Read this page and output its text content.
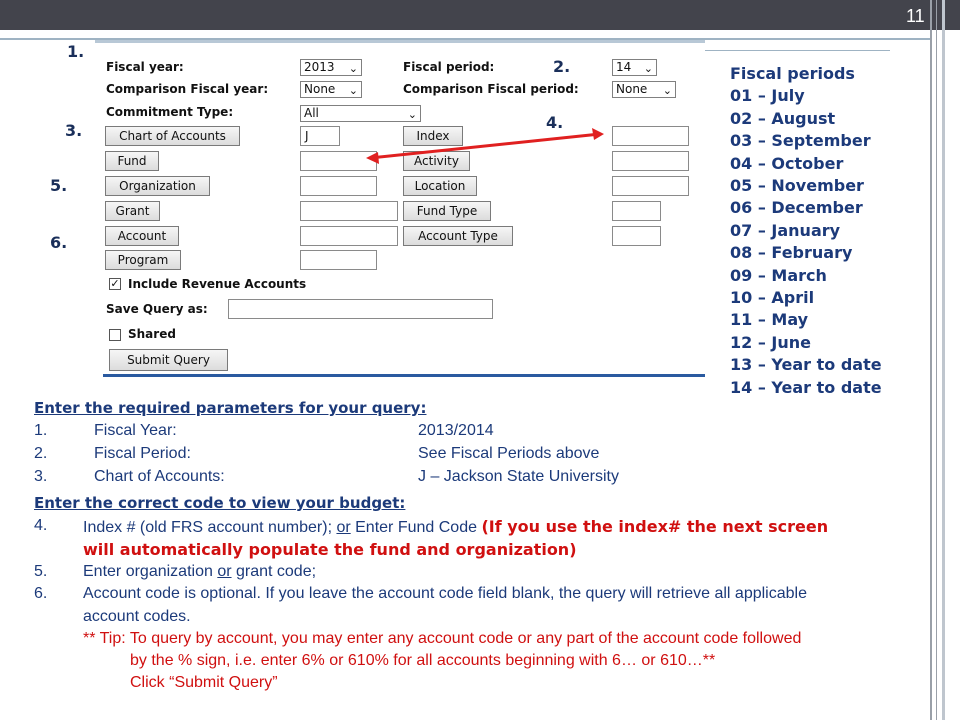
11
Fiscal year:	2013 ⌄	Fiscal period:	14 ⌄
Comparison Fiscal year:	None ⌄	Comparison Fiscal period:	None ⌄
Commitment Type:	All	⌄
Chart of Accounts	J	Index
Fund	Activity
Organization	Location
Grant	Fund Type
Account	Account Type
Program
✓ Include Revenue Accounts
Save Query as:
Shared
Submit Query
1.
2.
3.	4.
5.
6.
Fiscal periods
01 – July
02 – August
03 – September
04 – October
05 – November
06 – December
07 – January
08 – February
09 – March
10 – April
11 – May
12 – June
13 – Year to date
14 – Year to date
Enter the required parameters for your query:
1.	Fiscal Year:	2013/2014
2.	Fiscal Period:	See Fiscal Periods above
3.	Chart of Accounts:	J – Jackson State University
Enter the correct code to view your budget:
4. Index # (old FRS account number); or Enter Fund Code (If you use the index# the next screen
will automatically populate the fund and organization)
5. Enter organization or grant code;
6. Account code is optional. If you leave the account code field blank, the query will retrieve all applicable
account codes.
** Tip: To query by account, you may enter any account code or any part of the account code followed
by the % sign, i.e. enter 6% or 610% for all accounts beginning with 6… or 610…**
Click “Submit Query”
